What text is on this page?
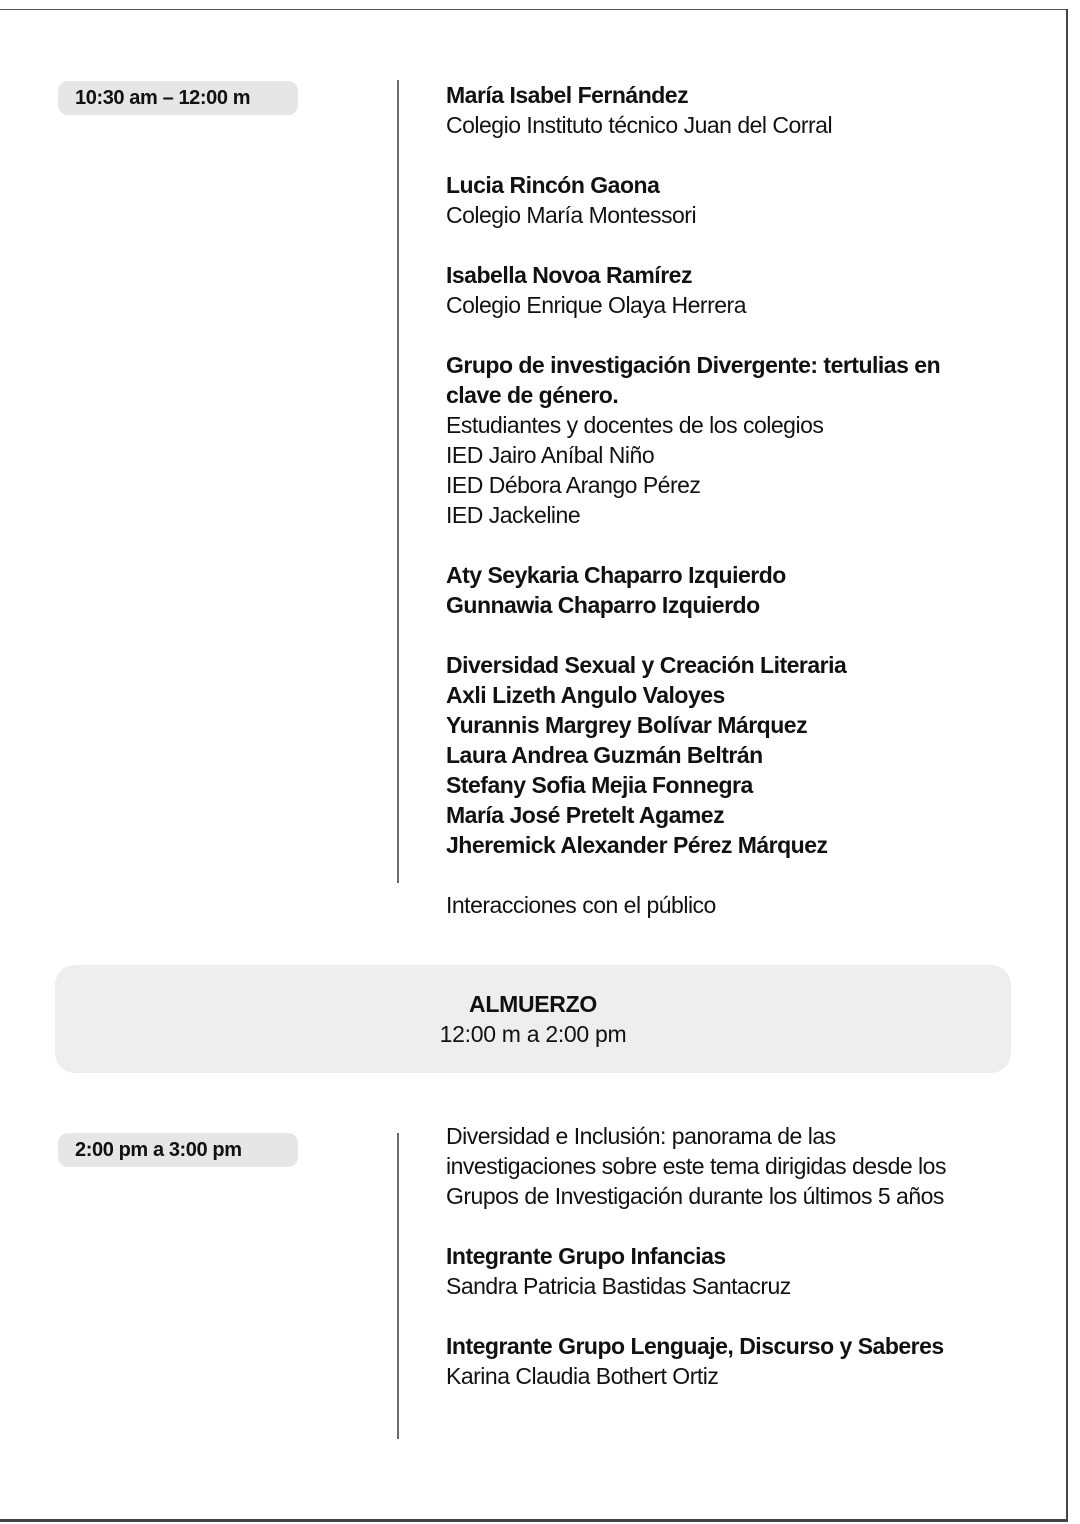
10:30 am – 12:00 m	María Isabel Fernández
Colegio Instituto técnico Juan del Corral
Lucia Rincón Gaona
Colegio María Montessori
Isabella Novoa Ramírez
Colegio Enrique Olaya Herrera
Grupo de investigación Divergente: tertulias en
clave de género.
Estudiantes y docentes de los colegios
IED Jairo Aníbal Niño
IED Débora Arango Pérez
IED Jackeline
Aty Seykaria Chaparro Izquierdo
Gunnawia Chaparro Izquierdo
Diversidad Sexual y Creación Literaria
Axli Lizeth Angulo Valoyes
Yurannis Margrey Bolívar Márquez
Laura Andrea Guzmán Beltrán
Stefany Sofia Mejia Fonnegra
María José Pretelt Agamez
Jheremick Alexander Pérez Márquez
Interacciones con el público
ALMUERZO
12:00 m a 2:00 pm
2:00 pm a 3:00 pm
Diversidad e Inclusión: panorama de las
investigaciones sobre este tema dirigidas desde los
Grupos de Investigación durante los últimos 5 años
Integrante Grupo Infancias
Sandra Patricia Bastidas Santacruz
Integrante Grupo Lenguaje, Discurso y Saberes
Karina Claudia Bothert Ortiz
